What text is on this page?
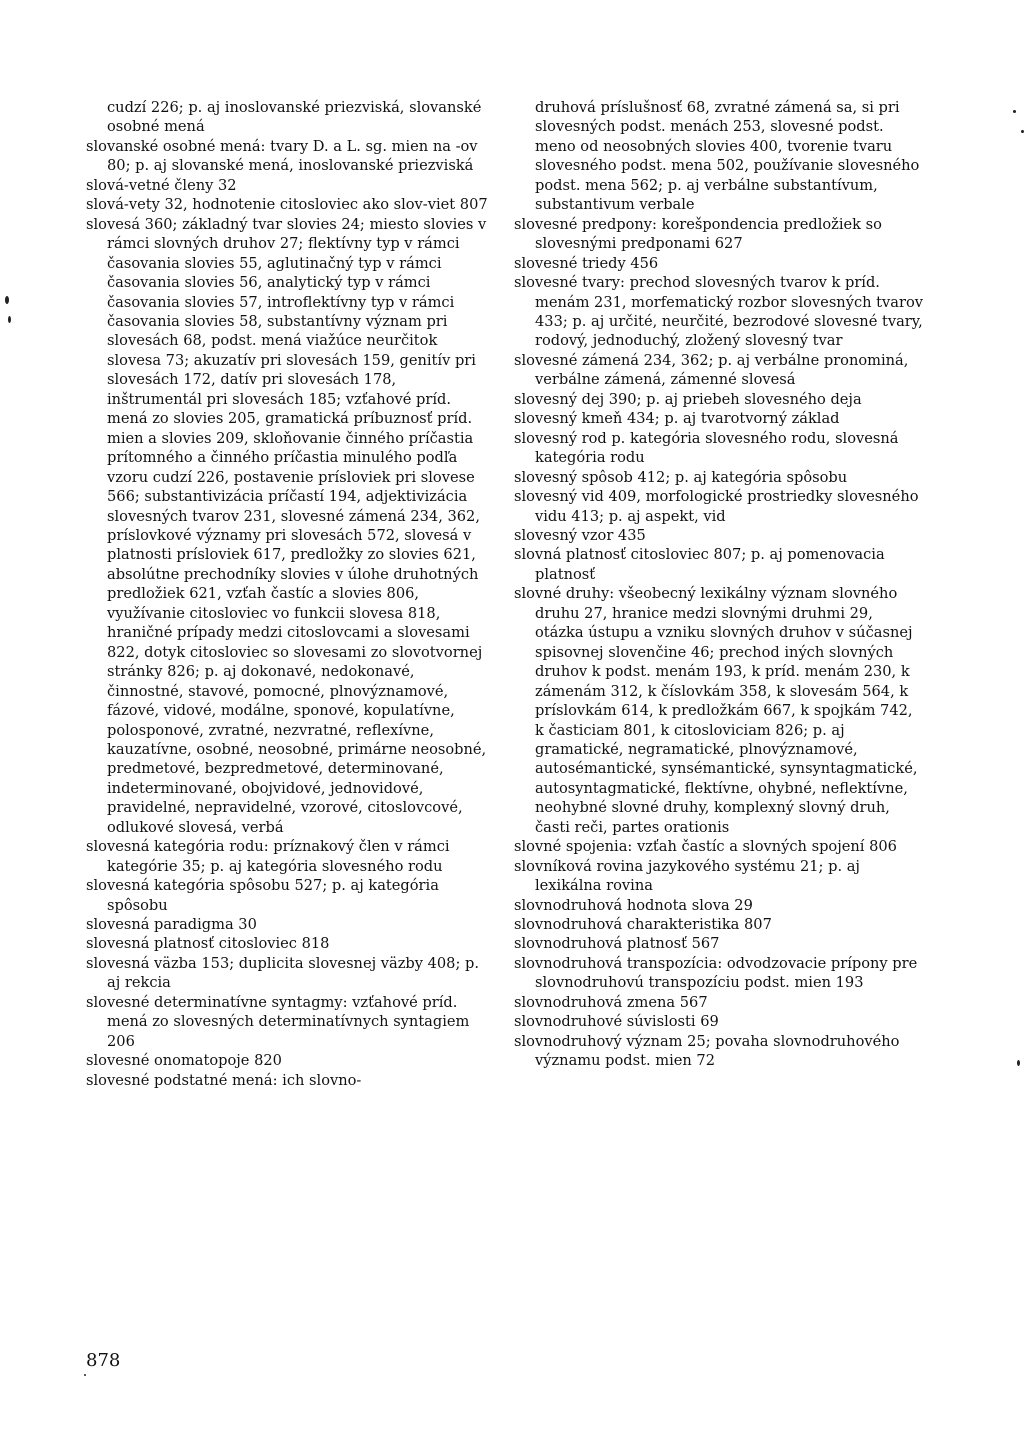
cudzí 226; p. aj inoslovanské priezviská, slovanské osobné mená

slovanské osobné mená: tvary D. a L. sg. mien na -ov 80; p. aj slovanské mená, inoslovanské priezviská

slová-vetné členy 32

slová-vety 32, hodnotenie citosloviec ako slov-viet 807

slovesá 360; základný tvar slovies 24; miesto slovies v rámci slovných druhov 27; flektívny typ v rámci časovania slovies 55, aglutinačný typ v rámci časovania slovies 56, analytický typ v rámci časovania slovies 57, introflektívny typ v rámci časovania slovies 58, substantívny význam pri slovesách 68, podst. mená viažúce neurčitok slovesa 73; akuzatív pri slovesách 159, genitív pri slovesách 172, datív pri slovesách 178, inštrumentál pri slovesách 185; vzťahové príd. mená zo slovies 205, gramatická príbuznosť príd. mien a slovies 209, skloňovanie činného príčastia prítomného a činného príčastia minulého podľa vzoru cudzí 226, postavenie prísloviek pri slovese 566; substantivizácia príčastí 194, adjektivizácia slovesných tvarov 231, slovesné zámená 234, 362, príslovkové významy pri slovesách 572, slovesá v platnosti prísloviek 617, predložky zo slovies 621, absolútne prechodníky slovies v úlohe druhotných predložiek 621, vzťah častíc a slovies 806, využívanie citosloviec vo funkcii slovesa 818, hraničné prípady medzi citoslovcami a slovesami 822, dotyk citosloviec so slovesami zo slovotvornej stránky 826; p. aj dokonavé, nedokonavé, činnostné, stavové, pomocné, plnovýznamové, fázové, vidové, modálne, sponové, kopulatívne, polosponové, zvratné, nezvratné, reflexívne, kauzatívne, osobné, neosobné, primárne neosobné, predmetové, bezpredmetové, determinované, indeterminované, obojvidové, jednovidové, pravidelné, nepravidelné, vzorové, citoslovcové, odlukové slovesá, verbá

slovesná kategória rodu: príznakový člen v rámci kategórie 35; p. aj kategória slovesného rodu

slovesná kategória spôsobu 527; p. aj kategória spôsobu

slovesná paradigma 30

slovesná platnosť citosloviec 818

slovesná väzba 153; duplicita slovesnej väzby 408; p. aj rekcia

slovesné determinatívne syntagmy: vzťahové príd. mená zo slovesných determinatívnych syntagiem 206

slovesné onomatopoje 820

slovesné podstatné mená: ich slovno-

druhová príslušnosť 68, zvratné zámená sa, si pri slovesných podst. menách 253, slovesné podst. meno od neosobných slovies 400, tvorenie tvaru slovesného podst. mena 502, používanie slovesného podst. mena 562; p. aj verbálne substantívum, substantivum verbale

slovesné predpony: korešpondencia predložiek so slovesnými predponami 627

slovesné triedy 456

slovesné tvary: prechod slovesných tvarov k príd. menám 231, morfematický rozbor slovesných tvarov 433; p. aj určité, neurčité, bezrodové slovesné tvary, rodový, jednoduchý, zložený slovesný tvar

slovesné zámená 234, 362; p. aj verbálne pronominá, verbálne zámená, zámenné slovesá

slovesný dej 390; p. aj priebeh slovesného deja

slovesný kmeň 434; p. aj tvarotvorný základ

slovesný rod p. kategória slovesného rodu, slovesná kategória rodu

slovesný spôsob 412; p. aj kategória spôsobu

slovesný vid 409, morfologické prostriedky slovesného vidu 413; p. aj aspekt, vid

slovesný vzor 435

slovná platnosť citosloviec 807; p. aj pomenovacia platnosť

slovné druhy: všeobecný lexikálny význam slovného druhu 27, hranice medzi slovnými druhmi 29, otázka ústupu a vzniku slovných druhov v súčasnej spisovnej slovenčine 46; prechod iných slovných druhov k podst. menám 193, k príd. menám 230, k zámenám 312, k číslovkám 358, k slovesám 564, k príslovkám 614, k predložkám 667, k spojkám 742, k časticiam 801, k citosloviciam 826; p. aj gramatické, negramatické, plnovýznamové, autosémantické, synsémantické, synsyntagmatické, autosyntagmatické, flektívne, ohybné, neflektívne, neohybné slovné druhy, komplexný slovný druh, časti reči, partes orationis

slovné spojenia: vzťah častíc a slovných spojení 806

slovníková rovina jazykového systému 21; p. aj lexikálna rovina

slovnodruhová hodnota slova 29

slovnodruhová charakteristika 807

slovnodruhová platnosť 567

slovnodruhová transpozícia: odvodzovacie prípony pre slovnodruhovú transpozíciu podst. mien 193

slovnodruhová zmena 567

slovnodruhové súvislosti 69

slovnodruhový význam 25; povaha slovnodruhového významu podst. mien 72

878
